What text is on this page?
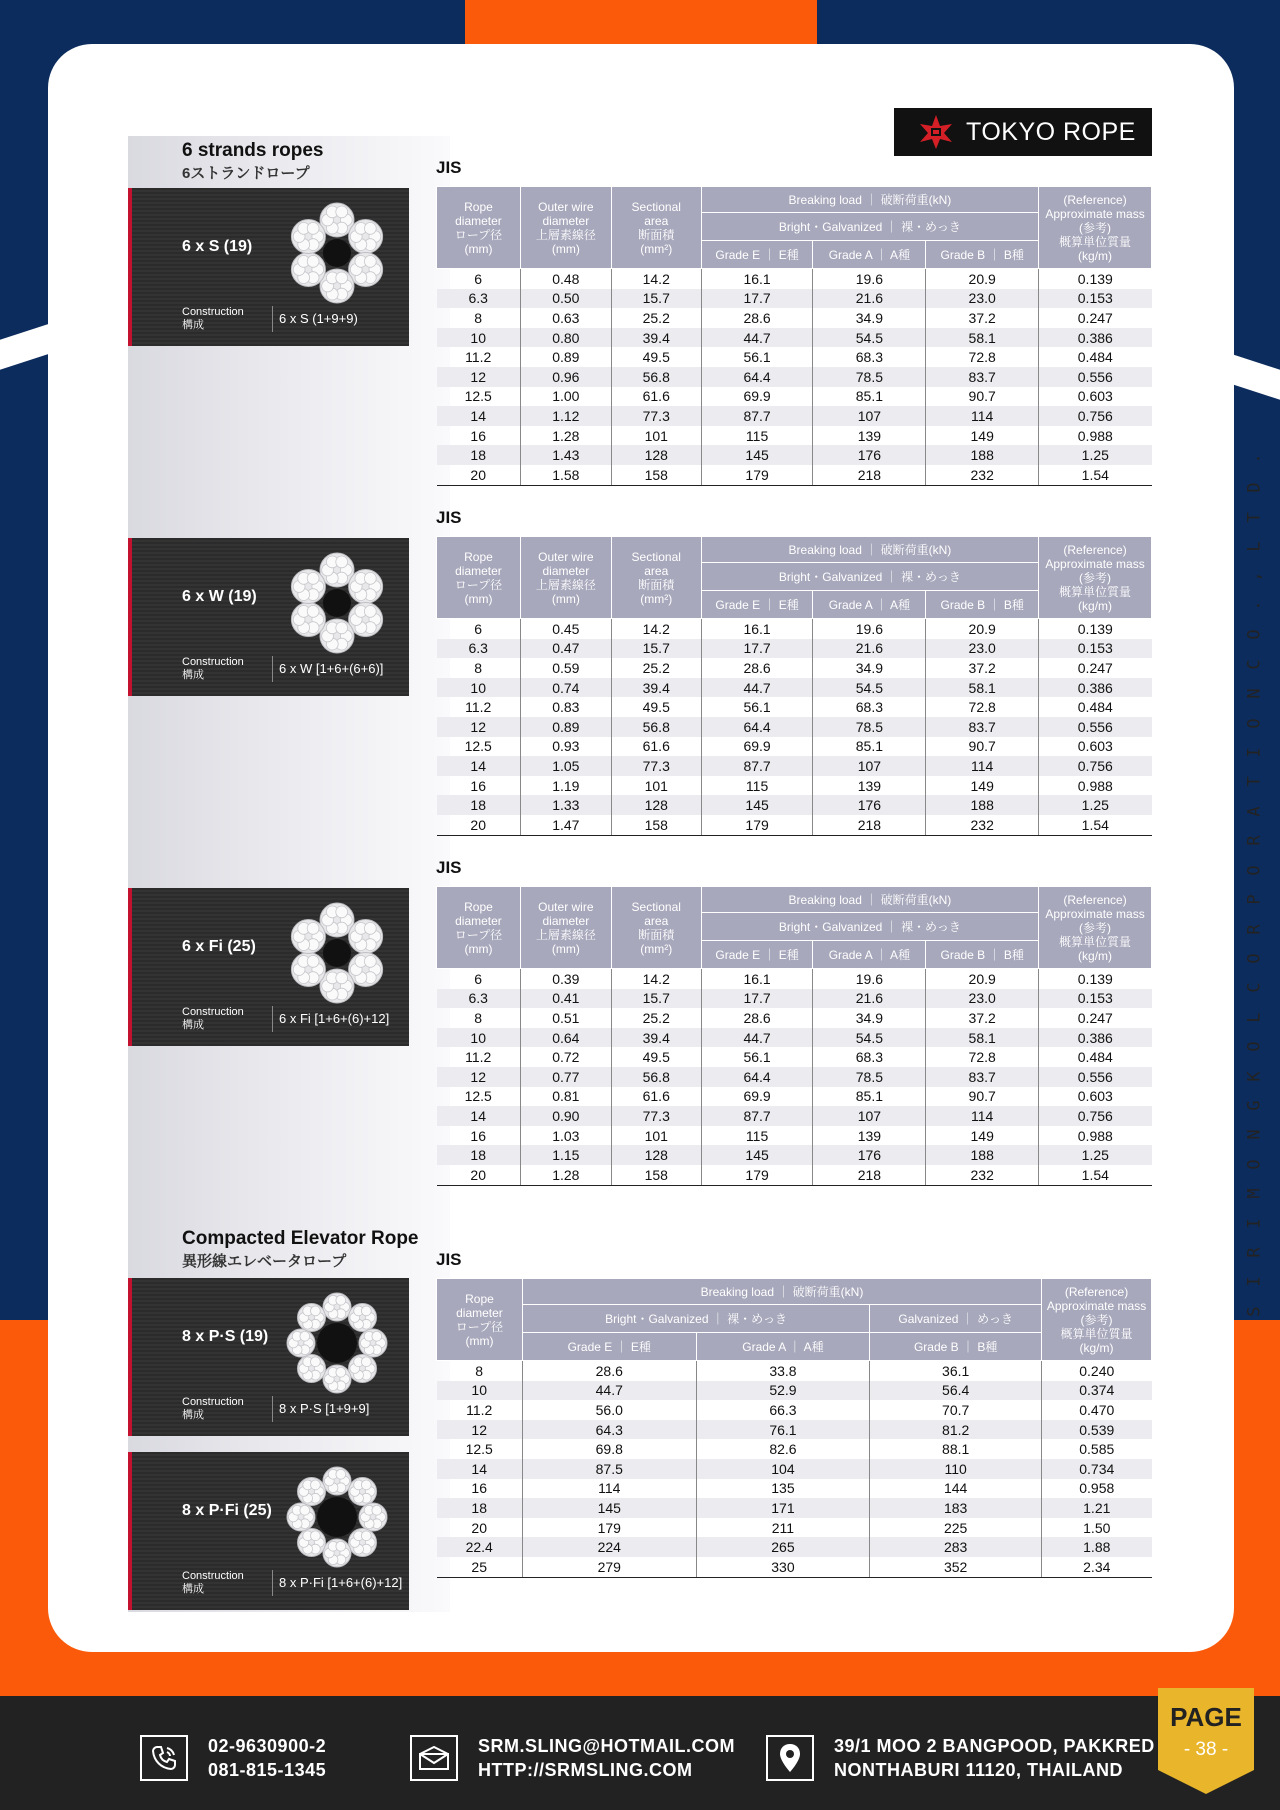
.
D
T
L
,
.
O
C
N
O
I
T
A
R
O
P
R
O
C
L
O
K
G
N
O
M
I
R
I
S
TOKYO ROPE
6 strands ropes
6ストランドロープ
Compacted Elevator Rope
異形線エレベータロープ
6 x S (19)
Construction
構成	6 x S (1+9+9)
6 x W (19)
Construction
構成	6 x W [1+6+(6+6)]
6 x Fi (25)
Construction
構成	6 x Fi [1+6+(6)+12]
8 x P·S (19)
Construction
構成	8 x P·S [1+9+9]
8 x P·Fi (25)
Construction
構成	8 x P·Fi [1+6+(6)+12]
JIS
JIS
JIS
JIS
Rope
diameter
ロープ径
(mm)	Outer wire
diameter
上層素線径
(mm)	Sectional
area
断面積
(mm²)	Breaking load ｜ 破断荷重(kN)			(Reference)
Approximate mass
(参考)
概算単位質量
(kg/m)
			Bright・Galvanized ｜ 裸・めっき			
			Grade E ｜ E種	Grade A ｜ A種	Grade B ｜ B種	
6	0.48	14.2	16.1	19.6	20.9	0.139
6.3	0.50	15.7	17.7	21.6	23.0	0.153
8	0.63	25.2	28.6	34.9	37.2	0.247
10	0.80	39.4	44.7	54.5	58.1	0.386
11.2	0.89	49.5	56.1	68.3	72.8	0.484
12	0.96	56.8	64.4	78.5	83.7	0.556
12.5	1.00	61.6	69.9	85.1	90.7	0.603
14	1.12	77.3	87.7	107	114	0.756
16	1.28	101	115	139	149	0.988
18	1.43	128	145	176	188	1.25
20	1.58	158	179	218	232	1.54
Rope
diameter
ロープ径
(mm)	Outer wire
diameter
上層素線径
(mm)	Sectional
area
断面積
(mm²)	Breaking load ｜ 破断荷重(kN)			(Reference)
Approximate mass
(参考)
概算単位質量
(kg/m)
			Bright・Galvanized ｜ 裸・めっき			
			Grade E ｜ E種	Grade A ｜ A種	Grade B ｜ B種	
6	0.45	14.2	16.1	19.6	20.9	0.139
6.3	0.47	15.7	17.7	21.6	23.0	0.153
8	0.59	25.2	28.6	34.9	37.2	0.247
10	0.74	39.4	44.7	54.5	58.1	0.386
11.2	0.83	49.5	56.1	68.3	72.8	0.484
12	0.89	56.8	64.4	78.5	83.7	0.556
12.5	0.93	61.6	69.9	85.1	90.7	0.603
14	1.05	77.3	87.7	107	114	0.756
16	1.19	101	115	139	149	0.988
18	1.33	128	145	176	188	1.25
20	1.47	158	179	218	232	1.54
Rope
diameter
ロープ径
(mm)	Outer wire
diameter
上層素線径
(mm)	Sectional
area
断面積
(mm²)	Breaking load ｜ 破断荷重(kN)			(Reference)
Approximate mass
(参考)
概算単位質量
(kg/m)
			Bright・Galvanized ｜ 裸・めっき			
			Grade E ｜ E種	Grade A ｜ A種	Grade B ｜ B種	
6	0.39	14.2	16.1	19.6	20.9	0.139
6.3	0.41	15.7	17.7	21.6	23.0	0.153
8	0.51	25.2	28.6	34.9	37.2	0.247
10	0.64	39.4	44.7	54.5	58.1	0.386
11.2	0.72	49.5	56.1	68.3	72.8	0.484
12	0.77	56.8	64.4	78.5	83.7	0.556
12.5	0.81	61.6	69.9	85.1	90.7	0.603
14	0.90	77.3	87.7	107	114	0.756
16	1.03	101	115	139	149	0.988
18	1.15	128	145	176	188	1.25
20	1.28	158	179	218	232	1.54
Rope
diameter
ロープ径
(mm)	Breaking load ｜ 破断荷重(kN)			(Reference)
Approximate mass
(参考)
概算単位質量
(kg/m)
	Bright・Galvanized ｜ 裸・めっき		Galvanized ｜ めっき	
	Grade E ｜ E種	Grade A ｜ A種	Grade B ｜ B種	
8	28.6	33.8	36.1	0.240
10	44.7	52.9	56.4	0.374
11.2	56.0	66.3	70.7	0.470
12	64.3	76.1	81.2	0.539
12.5	69.8	82.6	88.1	0.585
14	87.5	104	110	0.734
16	114	135	144	0.958
18	145	171	183	1.21
20	179	211	225	1.50
22.4	224	265	283	1.88
25	279	330	352	2.34
02-9630900-2
081-815-1345
SRM.SLING@HOTMAIL.COM
HTTP://SRMSLING.COM
39/1 MOO 2 BANGPOOD, PAKKRED
NONTHABURI 11120, THAILAND
PAGE
- 38 -
